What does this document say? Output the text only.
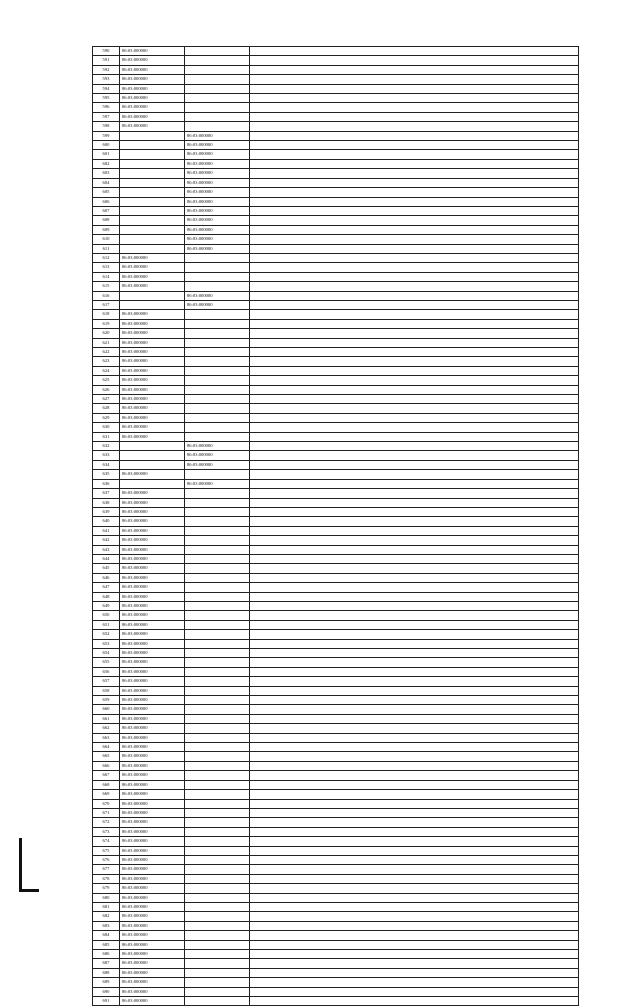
590	86:03:000000		
591	86:03:000000		
592	86:03:000000		
593	86:03:000000		
594	86:03:000000		
595	86:03:000000		
596	86:03:000000		
597	86:03:000000		
598	86:03:000000		
599		86:03:000000	
600		86:03:000000	
601		86:03:000000	
602		86:03:000000	
603		86:03:000000	
604		86:03:000000	
605		86:03:000000	
606		86:03:000000	
607		86:03:000000	
608		86:03:000000	
609		86:03:000000	
610		86:03:000000	
611		86:03:000000	
612	86:03:000000		
613	86:03:000000		
614	86:03:000000		
615	86:03:000000		
616		86:03:000000	
617		86:03:000000	
618	86:03:000000		
619	86:03:000000		
620	86:03:000000		
621	86:03:000000		
622	86:03:000000		
623	86:03:000000		
624	86:03:000000		
625	86:03:000000		
626	86:03:000000		
627	86:03:000000		
628	86:03:000000		
629	86:03:000000		
630	86:03:000000		
631	86:03:000000		
632		86:03:000000	
633		86:03:000000	
634		86:03:000000	
635	86:03:000000		
636		86:03:000000	
637	86:03:000000		
638	86:03:000000		
639	86:03:000000		
640	86:03:000000		
641	86:03:000000		
642	86:03:000000		
643	86:03:000000		
644	86:03:000000		
645	86:03:000000		
646	86:03:000000		
647	86:03:000000		
648	86:03:000000		
649	86:03:000000		
650	86:03:000000		
651	86:03:000000		
652	86:03:000000		
653	86:03:000000		
654	86:03:000000		
655	86:03:000000		
656	86:03:000000		
657	86:03:000000		
658	86:03:000000		
659	86:03:000000		
660	86:03:000000		
661	86:03:000000		
662	86:03:000000		
663	86:03:000000		
664	86:03:000000		
665	86:03:000000		
666	86:03:000000		
667	86:03:000000		
668	86:03:000000		
669	86:03:000000		
670	86:03:000000		
671	86:03:000000		
672	86:03:000000		
673	86:03:000000		
674	86:03:000000		
675	86:03:000000		
676	86:03:000000		
677	86:03:000000		
678	86:03:000000		
679	86:03:000000		
680	86:03:000000		
681	86:03:000000		
682	86:03:000000		
683	86:03:000000		
684	86:03:000000		
685	86:03:000000		
686	86:03:000000		
687	86:03:000000		
688	86:03:000000		
689	86:03:000000		
690	86:03:000000		
691	86:03:000000		
